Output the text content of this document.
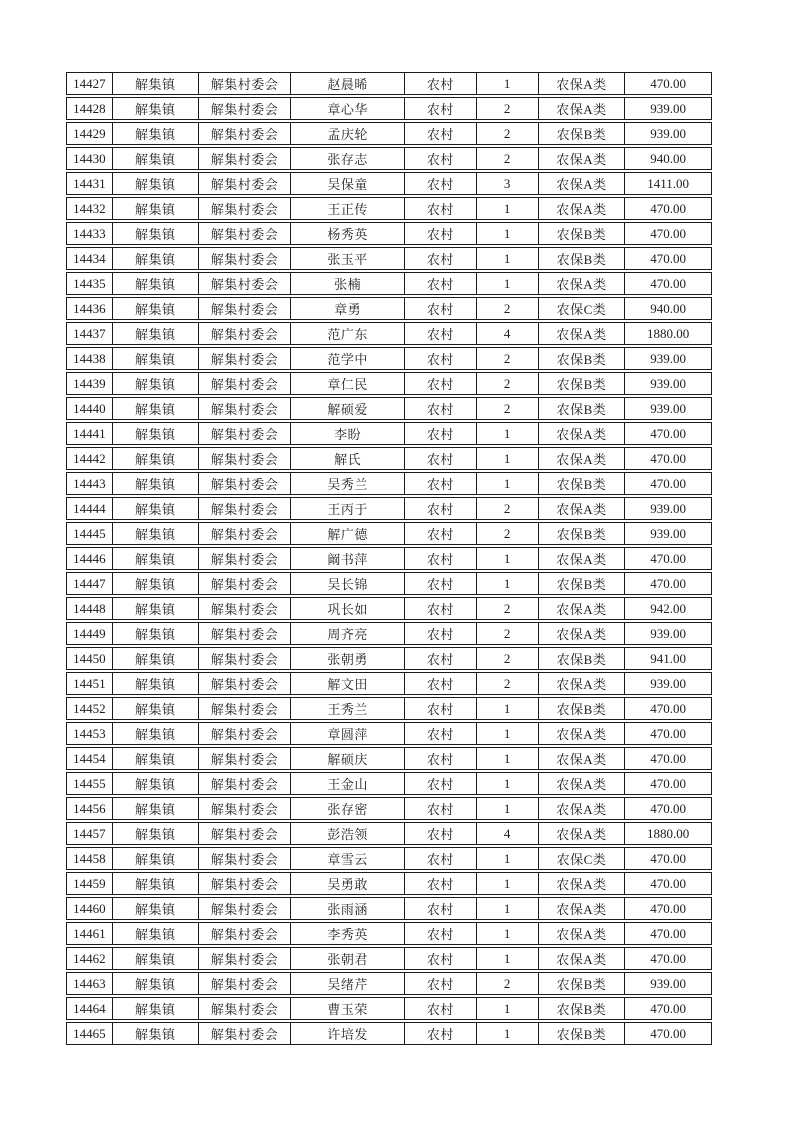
14427	解集镇	解集村委会	赵晨晞	农村	1	农保A类	470.00
14428	解集镇	解集村委会	章心华	农村	2	农保A类	939.00
14429	解集镇	解集村委会	孟庆轮	农村	2	农保B类	939.00
14430	解集镇	解集村委会	张存志	农村	2	农保A类	940.00
14431	解集镇	解集村委会	吴保童	农村	3	农保A类	1411.00
14432	解集镇	解集村委会	王正传	农村	1	农保A类	470.00
14433	解集镇	解集村委会	杨秀英	农村	1	农保B类	470.00
14434	解集镇	解集村委会	张玉平	农村	1	农保B类	470.00
14435	解集镇	解集村委会	张楠	农村	1	农保A类	470.00
14436	解集镇	解集村委会	章勇	农村	2	农保C类	940.00
14437	解集镇	解集村委会	范广东	农村	4	农保A类	1880.00
14438	解集镇	解集村委会	范学中	农村	2	农保B类	939.00
14439	解集镇	解集村委会	章仁民	农村	2	农保B类	939.00
14440	解集镇	解集村委会	解硕爱	农村	2	农保B类	939.00
14441	解集镇	解集村委会	李盼	农村	1	农保A类	470.00
14442	解集镇	解集村委会	解氏	农村	1	农保A类	470.00
14443	解集镇	解集村委会	吴秀兰	农村	1	农保B类	470.00
14444	解集镇	解集村委会	王丙于	农村	2	农保A类	939.00
14445	解集镇	解集村委会	解广德	农村	2	农保B类	939.00
14446	解集镇	解集村委会	阚书萍	农村	1	农保A类	470.00
14447	解集镇	解集村委会	吴长锦	农村	1	农保B类	470.00
14448	解集镇	解集村委会	巩长如	农村	2	农保A类	942.00
14449	解集镇	解集村委会	周齐亮	农村	2	农保A类	939.00
14450	解集镇	解集村委会	张朝勇	农村	2	农保B类	941.00
14451	解集镇	解集村委会	解文田	农村	2	农保A类	939.00
14452	解集镇	解集村委会	王秀兰	农村	1	农保B类	470.00
14453	解集镇	解集村委会	章圆萍	农村	1	农保A类	470.00
14454	解集镇	解集村委会	解硕庆	农村	1	农保A类	470.00
14455	解集镇	解集村委会	王金山	农村	1	农保A类	470.00
14456	解集镇	解集村委会	张存密	农村	1	农保A类	470.00
14457	解集镇	解集村委会	彭浩领	农村	4	农保A类	1880.00
14458	解集镇	解集村委会	章雪云	农村	1	农保C类	470.00
14459	解集镇	解集村委会	吴勇敢	农村	1	农保A类	470.00
14460	解集镇	解集村委会	张雨涵	农村	1	农保A类	470.00
14461	解集镇	解集村委会	李秀英	农村	1	农保A类	470.00
14462	解集镇	解集村委会	张朝君	农村	1	农保A类	470.00
14463	解集镇	解集村委会	吴绪芹	农村	2	农保B类	939.00
14464	解集镇	解集村委会	曹玉荣	农村	1	农保B类	470.00
14465	解集镇	解集村委会	许培发	农村	1	农保B类	470.00
